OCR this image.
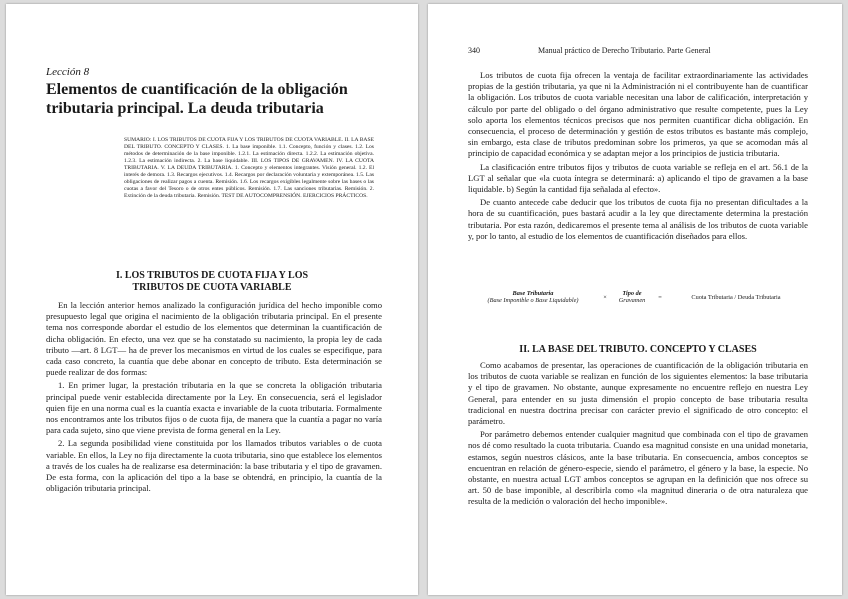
Lección 8
Elementos de cuantificación de la obligación tributaria principal. La deuda tributaria
SUMARIO: I. LOS TRIBUTOS DE CUOTA FIJA Y LOS TRIBUTOS DE CUOTA VARIABLE. II. LA BASE DEL TRIBUTO. CONCEPTO Y CLASES. 1. La base imponible. 1.1. Concepto, función y clases. 1.2. Los métodos de determinación de la base imponible. 1.2.1. La estimación directa. 1.2.2. La estimación objetiva. 1.2.3. La estimación indirecta. 2. La base liquidable. III. LOS TIPOS DE GRAVAMEN. IV. LA CUOTA TRIBUTARIA. V. LA DEUDA TRIBUTARIA. 1. Concepto y elementos integrantes. Visión general. 1.2. El interés de demora. 1.3. Recargos ejecutivos. 1.4. Recargos por declaración voluntaria y extemporánea. 1.5. Las obligaciones de realizar pagos a cuenta. Remisión. 1.6. Los recargos exigibles legalmente sobre las bases o las cuotas a favor del Tesoro o de otros entes públicos. Remisión. 1.7. Las sanciones tributarias. Remisión. 2. Extinción de la deuda tributaria. Remisión. TEST DE AUTOCOMPRENSIÓN. EJERCICIOS PRÁCTICOS.
I. LOS TRIBUTOS DE CUOTA FIJA Y LOS TRIBUTOS DE CUOTA VARIABLE

En la lección anterior hemos analizado la configuración jurídica del hecho imponible como presupuesto legal que origina el nacimiento de la obligación tributaria principal. En el presente tema nos corresponde abordar el estudio de los elementos que determinan la cuantificación de dicha obligación. En efecto, una vez que se ha constatado su nacimiento, la propia ley de cada tributo —art. 8 LGT— ha de prever los mecanismos en virtud de los cuales se especifique, para cada caso concreto, la cuantía que debe abonar en concepto de tributo. Esta determinación se puede realizar de dos formas:

1. En primer lugar, la prestación tributaria en la que se concreta la obligación tributaria principal puede venir establecida directamente por la Ley. En consecuencia, será el legislador quien fije en una norma cual es la cuantía exacta e invariable de la cuota tributaria. Formalmente nos encontramos ante los tributos fijos o de cuota fija, de manera que la cuantía a pagar no varía para cada sujeto, sino que viene prevista de forma general en la Ley.

2. La segunda posibilidad viene constituida por los llamados tributos variables o de cuota variable. En ellos, la Ley no fija directamente la cuota tributaria, sino que establece los elementos a través de los cuales ha de realizarse esa determinación: la base tributaria y el tipo de gravamen. De esta forma, con la aplicación del tipo a la base se obtendrá, en principio, la cuantía de la obligación tributaria principal.

340	Manual práctico de Derecho Tributario. Parte General

Los tributos de cuota fija ofrecen la ventaja de facilitar extraordinariamente las actividades propias de la gestión tributaria, ya que ni la Administración ni el contribuyente han de cuantificar la obligación. Los tributos de cuota variable necesitan una labor de calificación, interpretación y cálculo por parte del obligado o del órgano administrativo que resulte competente, pues la Ley solo aporta los elementos técnicos precisos que nos permiten cuantificar dicha obligación. En consecuencia, el proceso de determinación y gestión de estos tributos es bastante más complejo, sin embargo, esta clase de tributos predominan sobre los primeros, ya que se acomodan más al principio de capacidad económica y se adaptan mejor a los principios de justicia tributaria.

La clasificación entre tributos fijos y tributos de cuota variable se refleja en el art. 56.1 de la LGT al señalar que «la cuota íntegra se determinará: a) aplicando el tipo de gravamen a la base liquidable. b) Según la cantidad fija señalada al efecto».

De cuanto antecede cabe deducir que los tributos de cuota fija no presentan dificultades a la hora de su cuantificación, pues bastará acudir a la ley que directamente determina la prestación tributaria. Por esta razón, dedicaremos el presente tema al análisis de los tributos de cuota variable y, por lo tanto, al estudio de los elementos de cuantificación diseñados para ellos.

Base Tributaria
(Base Imponible o Base Liquidable)	×
Tipo de
Gravamen	=	Cuota Tributaria / Deuda Tributaria
II. LA BASE DEL TRIBUTO. CONCEPTO Y CLASES

Como acabamos de presentar, las operaciones de cuantificación de la obligación tributaria en los tributos de cuota variable se realizan en función de los siguientes elementos: la base tributaria y el tipo de gravamen. No obstante, aunque expresamente no encuentre reflejo en nuestra Ley General, para entender en su justa dimensión el propio concepto de base tributaria resulta tradicional en nuestra doctrina precisar con carácter previo el significado de otro concepto: el parámetro.

Por parámetro debemos entender cualquier magnitud que combinada con el tipo de gravamen nos dé como resultado la cuota tributaria. Cuando esa magnitud consiste en una unidad monetaria, estamos, según nuestros clásicos, ante la base tributaria. En consecuencia, ambos conceptos se encuentran en relación de género-especie, siendo el parámetro, el género y la base, la especie. No obstante, en nuestra actual LGT ambos conceptos se agrupan en la definición que nos ofrece su art. 50 de base imponible, al describirla como «la magnitud dineraria o de otra naturaleza que resulta de la medición o valoración del hecho imponible».
